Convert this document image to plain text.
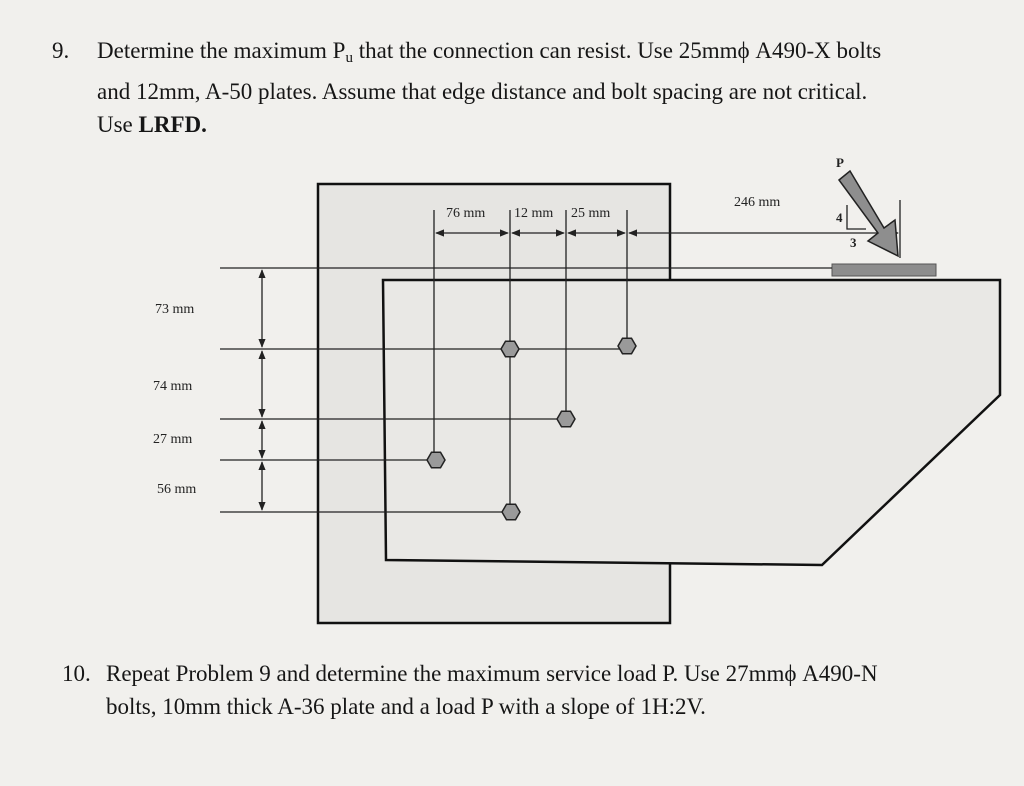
9. Determine the maximum $P_u$ that the connection can resist. Use 25mmϕ A490-X bolts
and 12mm, A-50 plates. Assume that edge distance and bolt spacing are not critical.
Use LRFD.
76 mm 12 mm 25 mm
246 mm
73 mm
74 mm
27 mm
56 mm
P
4
3
10. Repeat Problem 9 and determine the maximum service load P. Use 27mmϕ A490-N
bolts, 10mm thick A-36 plate and a load P with a slope of 1H:2V.
